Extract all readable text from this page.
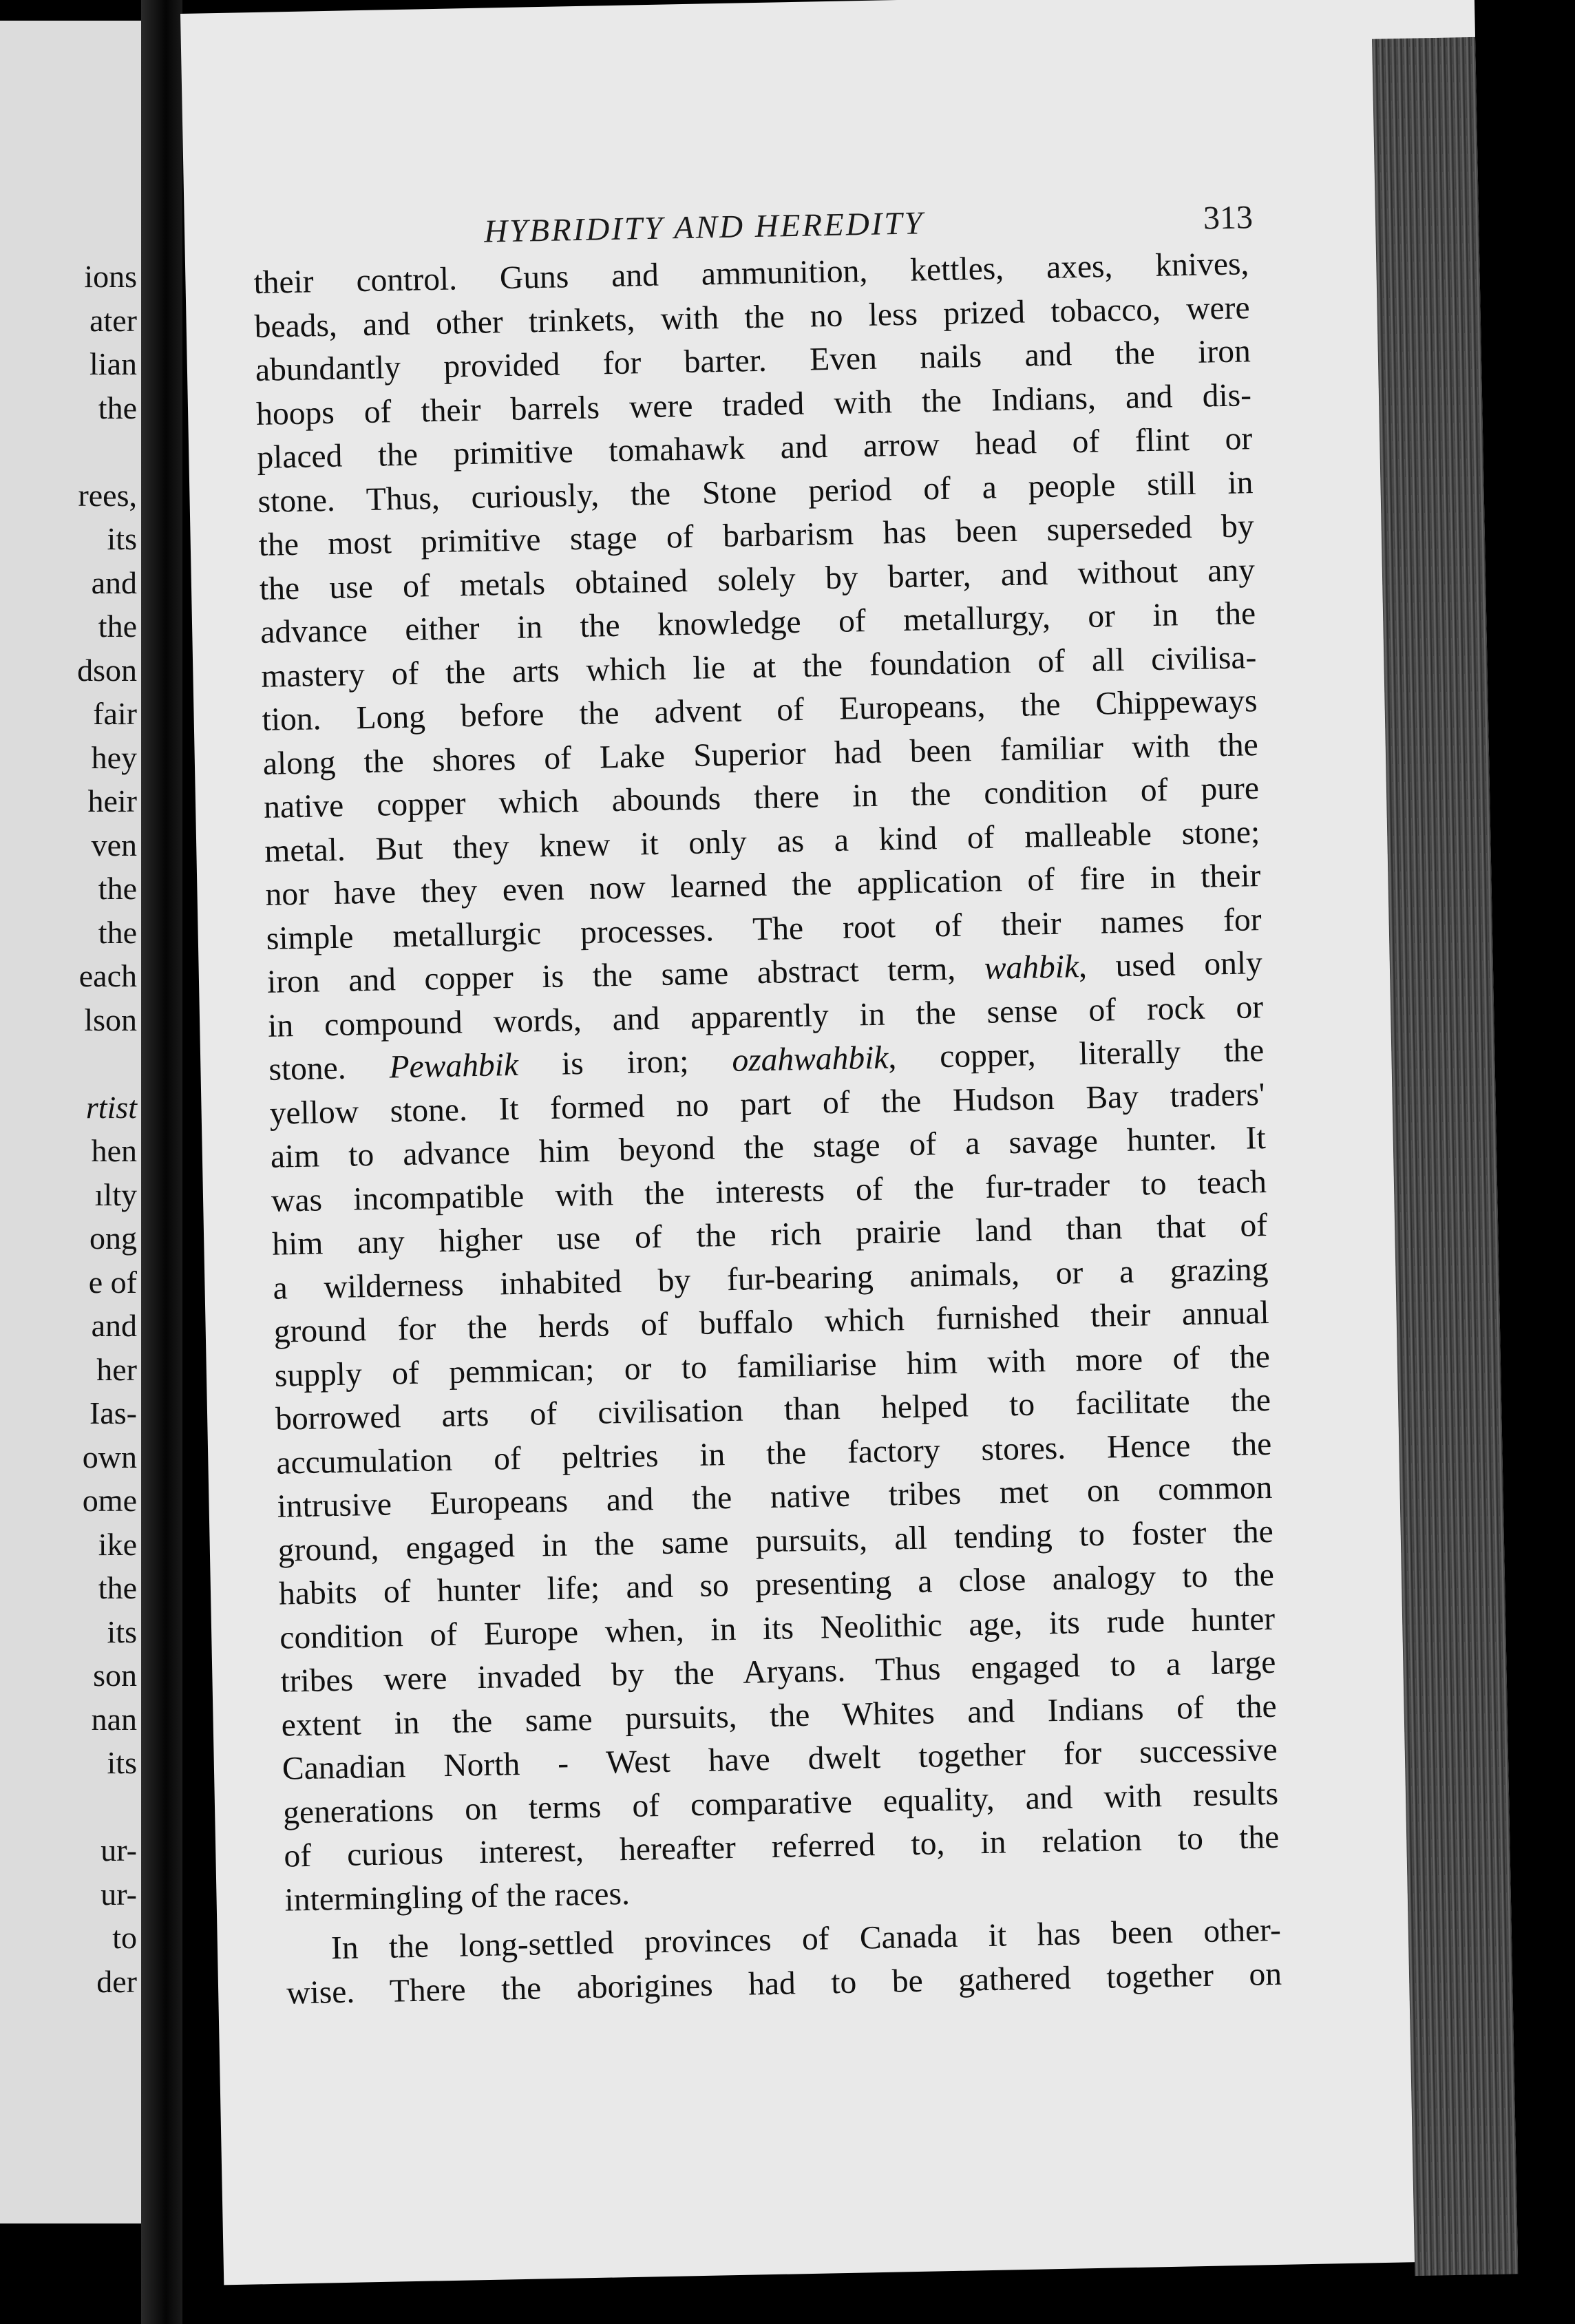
ions
ater
lian
the
rees,
its
and
the
dson
fair
hey
heir
ven
the
the
each
lson
rtist
hen
ılty
ong
e of
and
her
Ias-
own
ome
ike
the
its
son
nan
its
ur-
ur-
to
der
HYBRIDITY AND HEREDITY	313
their control. Guns and ammunition, kettles, axes, knives,
beads, and other trinkets, with the no less prized tobacco, were
abundantly provided for barter. Even nails and the iron
hoops of their barrels were traded with the Indians, and dis-
placed the primitive tomahawk and arrow head of flint or
stone. Thus, curiously, the Stone period of a people still in
the most primitive stage of barbarism has been superseded by
the use of metals obtained solely by barter, and without any
advance either in the knowledge of metallurgy, or in the
mastery of the arts which lie at the foundation of all civilisa-
tion. Long before the advent of Europeans, the Chippeways
along the shores of Lake Superior had been familiar with the
native copper which abounds there in the condition of pure
metal. But they knew it only as a kind of malleable stone;
nor have they even now learned the application of fire in their
simple metallurgic processes. The root of their names for
iron and copper is the same abstract term, wahbik, used only
in compound words, and apparently in the sense of rock or
stone. Pewahbik is iron; ozahwahbik, copper, literally the
yellow stone. It formed no part of the Hudson Bay traders'
aim to advance him beyond the stage of a savage hunter. It
was incompatible with the interests of the fur-trader to teach
him any higher use of the rich prairie land than that of
a wilderness inhabited by fur-bearing animals, or a grazing
ground for the herds of buffalo which furnished their annual
supply of pemmican; or to familiarise him with more of the
borrowed arts of civilisation than helped to facilitate the
accumulation of peltries in the factory stores. Hence the
intrusive Europeans and the native tribes met on common
ground, engaged in the same pursuits, all tending to foster the
habits of hunter life; and so presenting a close analogy to the
condition of Europe when, in its Neolithic age, its rude hunter
tribes were invaded by the Aryans. Thus engaged to a large
extent in the same pursuits, the Whites and Indians of the
Canadian North - West have dwelt together for successive
generations on terms of comparative equality, and with results
of curious interest, hereafter referred to, in relation to the
intermingling of the races.
In the long-settled provinces of Canada it has been other-
wise. There the aborigines had to be gathered together on
